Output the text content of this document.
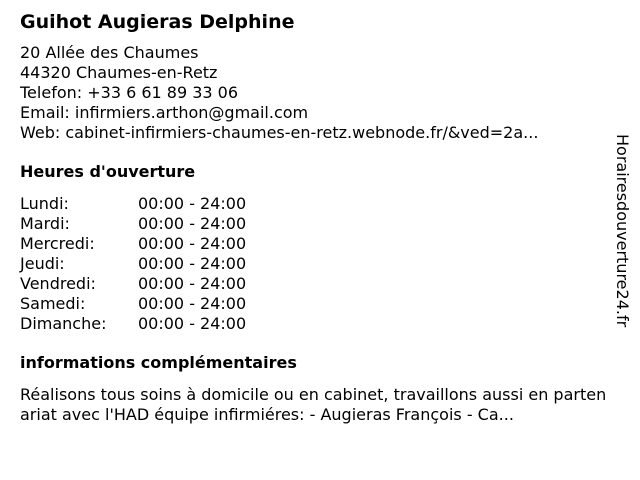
Guihot Augieras Delphine
20 Allée des Chaumes
44320 Chaumes-en-Retz
Telefon: +33 6 61 89 33 06
Email: infirmiers.arthon@gmail.com
Web: cabinet-infirmiers-chaumes-en-retz.webnode.fr/&ved=2a...
Heures d'ouverture
Lundi:	00:00 - 24:00
Mardi:	00:00 - 24:00
Mercredi:	00:00 - 24:00
Jeudi:	00:00 - 24:00
Vendredi:	00:00 - 24:00
Samedi:	00:00 - 24:00
Dimanche:	00:00 - 24:00
informations complémentaires
Réalisons tous soins à domicile ou en cabinet, travaillons aussi en partenariat avec l'HAD équipe infirmiéres: - Augieras François - Ca...
Horairesdouverture24.fr
